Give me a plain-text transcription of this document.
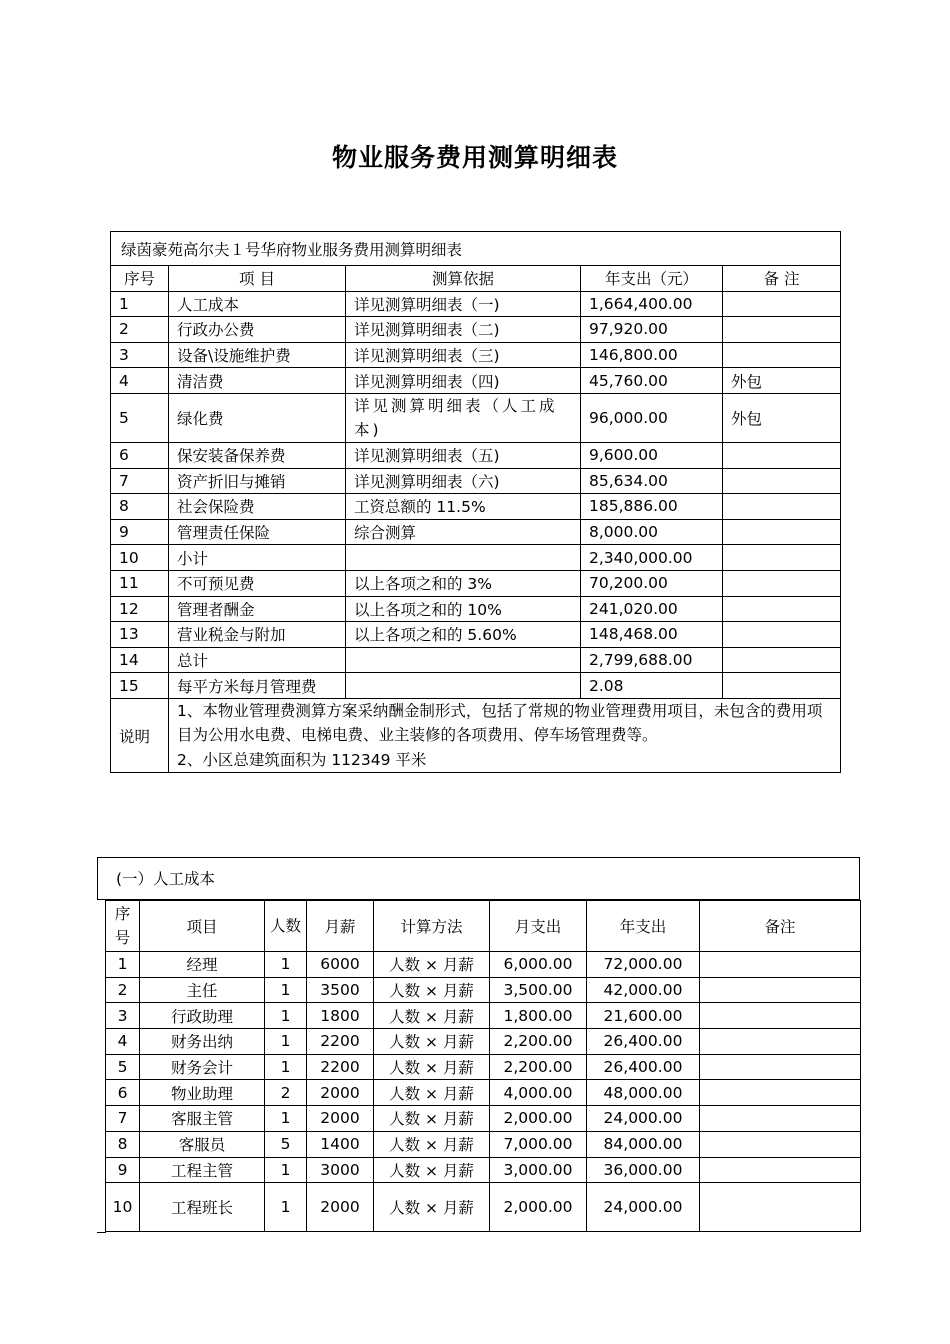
物业服务费用测算明细表
绿茵豪苑高尔夫１号华府物业服务费用测算明细表				
序号	项 目	测算依据	年支出（元）	备 注
1	人工成本	详见测算明细表（一)	1,664,400.00	
2	行政办公费	详见测算明细表（二)	97,920.00	
3	设备\设施维护费	详见测算明细表（三)	146,800.00	
4	清洁费	详见测算明细表（四)	45,760.00	外包
5	绿化费	详见测算明细表（人工成本)	96,000.00	外包
6	保安装备保养费	详见测算明细表（五)	9,600.00	
7	资产折旧与摊销	详见测算明细表（六)	85,634.00	
8	社会保险费	工资总额的 11.5%	185,886.00	
9	管理责任保险	综合测算	8,000.00	
10	小计		2,340,000.00	
11	不可预见费	以上各项之和的 3%	70,200.00	
12	管理者酬金	以上各项之和的 10%	241,020.00	
13	营业税金与附加	以上各项之和的 5.60%	148,468.00	
14	总计		2,799,688.00	
15	每平方米每月管理费		2.08	
说明	1、本物业管理费测算方案采纳酬金制形式，包括了常规的物业管理费用项目，未包含的费用项目为公用水电费、电梯电费、业主装修的各项费用、停车场管理费等。
2、小区总建筑面积为 112349 平米			
(一）人工成本
序号	项目	人数	月薪	计算方法	月支出	年支出	备注
1	经理	1	6000	人数 × 月薪	6,000.00	72,000.00	
2	主任	1	3500	人数 × 月薪	3,500.00	42,000.00	
3	行政助理	1	1800	人数 × 月薪	1,800.00	21,600.00	
4	财务出纳	1	2200	人数 × 月薪	2,200.00	26,400.00	
5	财务会计	1	2200	人数 × 月薪	2,200.00	26,400.00	
6	物业助理	2	2000	人数 × 月薪	4,000.00	48,000.00	
7	客服主管	1	2000	人数 × 月薪	2,000.00	24,000.00	
8	客服员	5	1400	人数 × 月薪	7,000.00	84,000.00	
9	工程主管	1	3000	人数 × 月薪	3,000.00	36,000.00	
10	工程班长	1	2000	人数 × 月薪	2,000.00	24,000.00	
